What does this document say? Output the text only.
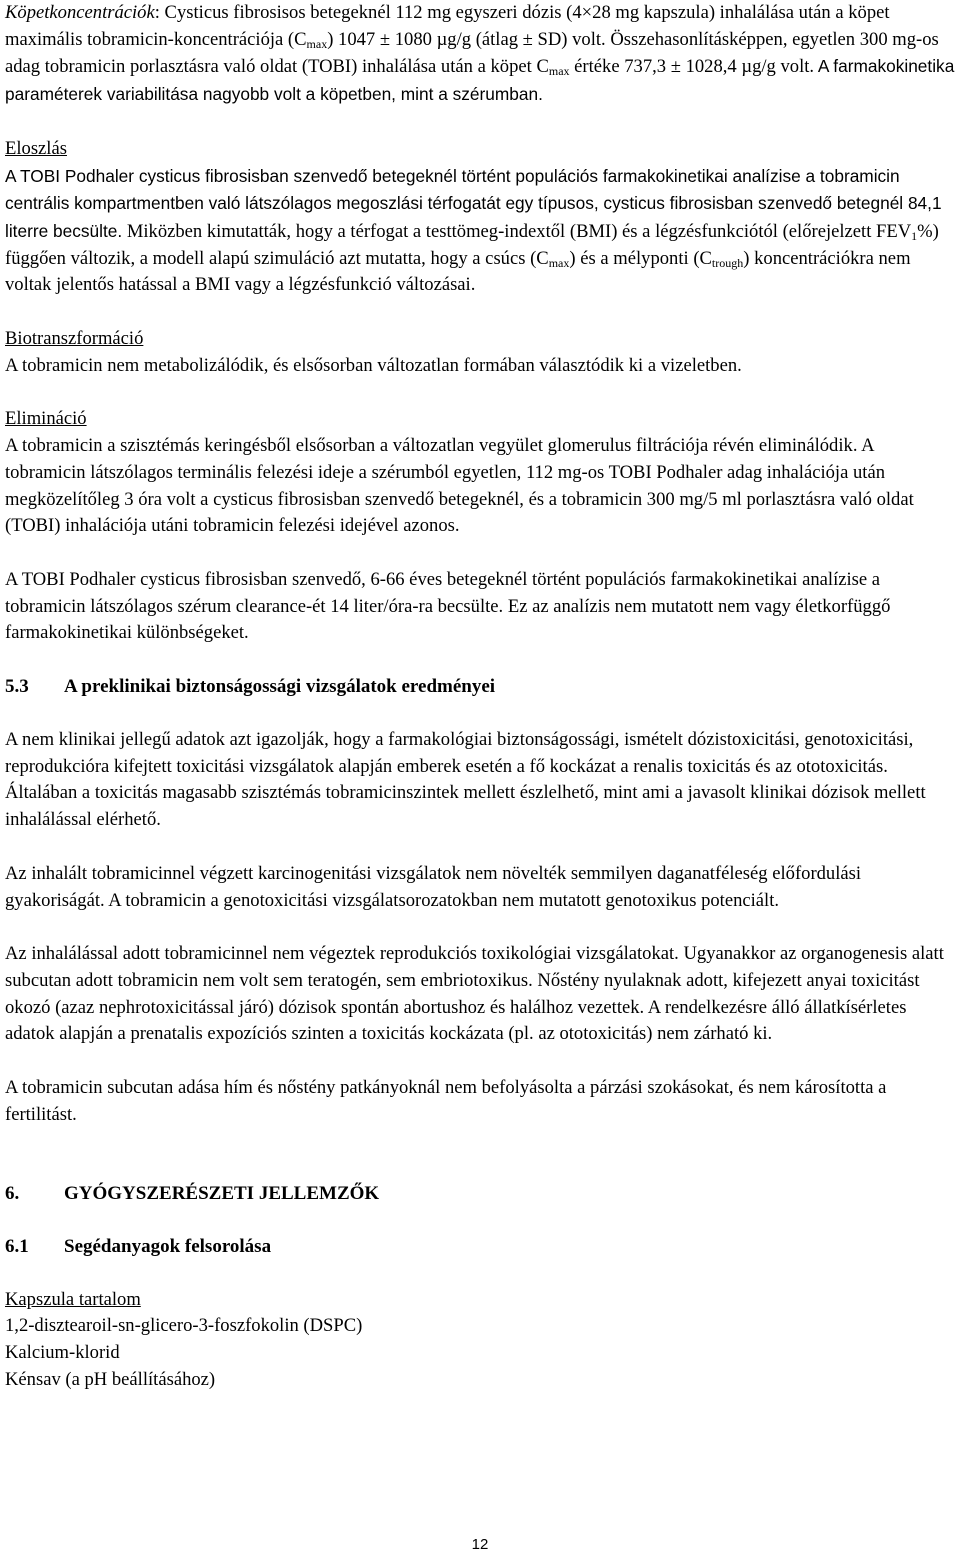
Köpetkoncentrációk: Cysticus fibrosisos betegeknél 112 mg egyszeri dózis (4×28 mg kapszula) inhalálása után a köpet maximális tobramicin-koncentrációja $(C_{max}) 1047 \pm 1080$ µg/g (átlag ± SD) volt. Összehasonlításképpen, egyetlen 300 mg-os adag tobramicin porlasztásra való oldat (TOBI) inhalálása után a köpet $C_{max}$ értéke 737,3 ± 1028,4 µg/g volt. A farmakokinetika paraméterek variabilitása nagyobb volt a köpetben, mint a szérumban.

Eloszlás

A TOBI Podhaler cysticus fibrosisban szenvedő betegeknél történt populációs farmakokinetikai analízise a tobramicin centrális kompartmentben való látszólagos megoszlási térfogatát egy típusos, cysticus fibrosisban szenvedő betegnél 84,1 literre becsülte. Miközben kimutatták, hogy a térfogat a testtömeg-indextől (BMI) és a légzésfunkciótól (előrejelzett $FEV_1\%$) függően változik, a modell alapú szimuláció azt mutatta, hogy a csúcs $(C_{max})$ és a mélyponti $(C_{trough})$ koncentrációkra nem voltak jelentős hatással a BMI vagy a légzésfunkció változásai.

Biotranszformáció

A tobramicin nem metabolizálódik, és elsősorban változatlan formában választódik ki a vizeletben.

Elimináció

A tobramicin a szisztémás keringésből elsősorban a változatlan vegyület glomerulus filtrációja révén eliminálódik. A tobramicin látszólagos terminális felezési ideje a szérumból egyetlen, 112 mg-os TOBI Podhaler adag inhalációja után megközelítőleg 3 óra volt a cysticus fibrosisban szenvedő betegeknél, és a tobramicin 300 mg/5 ml porlasztásra való oldat (TOBI) inhalációja utáni tobramicin felezési idejével azonos.

A TOBI Podhaler cysticus fibrosisban szenvedő, 6-66 éves betegeknél történt populációs farmakokinetikai analízise a tobramicin látszólagos szérum clearance-ét 14 liter/óra-ra becsülte. Ez az analízis nem mutatott nem vagy életkorfüggő farmakokinetikai különbségeket.

5.3 A preklinikai biztonságossági vizsgálatok eredményei

A nem klinikai jellegű adatok azt igazolják, hogy a farmakológiai biztonságossági, ismételt dózistoxicitási, genotoxicitási, reprodukcióra kifejtett toxicitási vizsgálatok alapján emberek esetén a fő kockázat a renalis toxicitás és az ototoxicitás. Általában a toxicitás magasabb szisztémás tobramicinszintek mellett észlelhető, mint ami a javasolt klinikai dózisok mellett inhalálással elérhető.

Az inhalált tobramicinnel végzett karcinogenitási vizsgálatok nem növelték semmilyen daganatféleség előfordulási gyakoriságát. A tobramicin a genotoxicitási vizsgálatsorozatokban nem mutatott genotoxikus potenciált.

Az inhalálással adott tobramicinnel nem végeztek reprodukciós toxikológiai vizsgálatokat. Ugyanakkor az organogenesis alatt subcutan adott tobramicin nem volt sem teratogén, sem embriotoxikus. Nőstény nyulaknak adott, kifejezett anyai toxicitást okozó (azaz nephrotoxicitással járó) dózisok spontán abortushoz és halálhoz vezettek. A rendelkezésre álló állatkísérletes adatok alapján a prenatalis expozíciós szinten a toxicitás kockázata (pl. az ototoxicitás) nem zárható ki.

A tobramicin subcutan adása hím és nőstény patkányoknál nem befolyásolta a párzási szokásokat, és nem károsította a fertilitást.

6. GYÓGYSZERÉSZETI JELLEMZŐK

6.1 Segédanyagok felsorolása

Kapszula tartalom

1,2-disztearoil-sn-glicero-3-foszfokolin (DSPC)

Kalcium-klorid

Kénsav (a pH beállításához)

12
